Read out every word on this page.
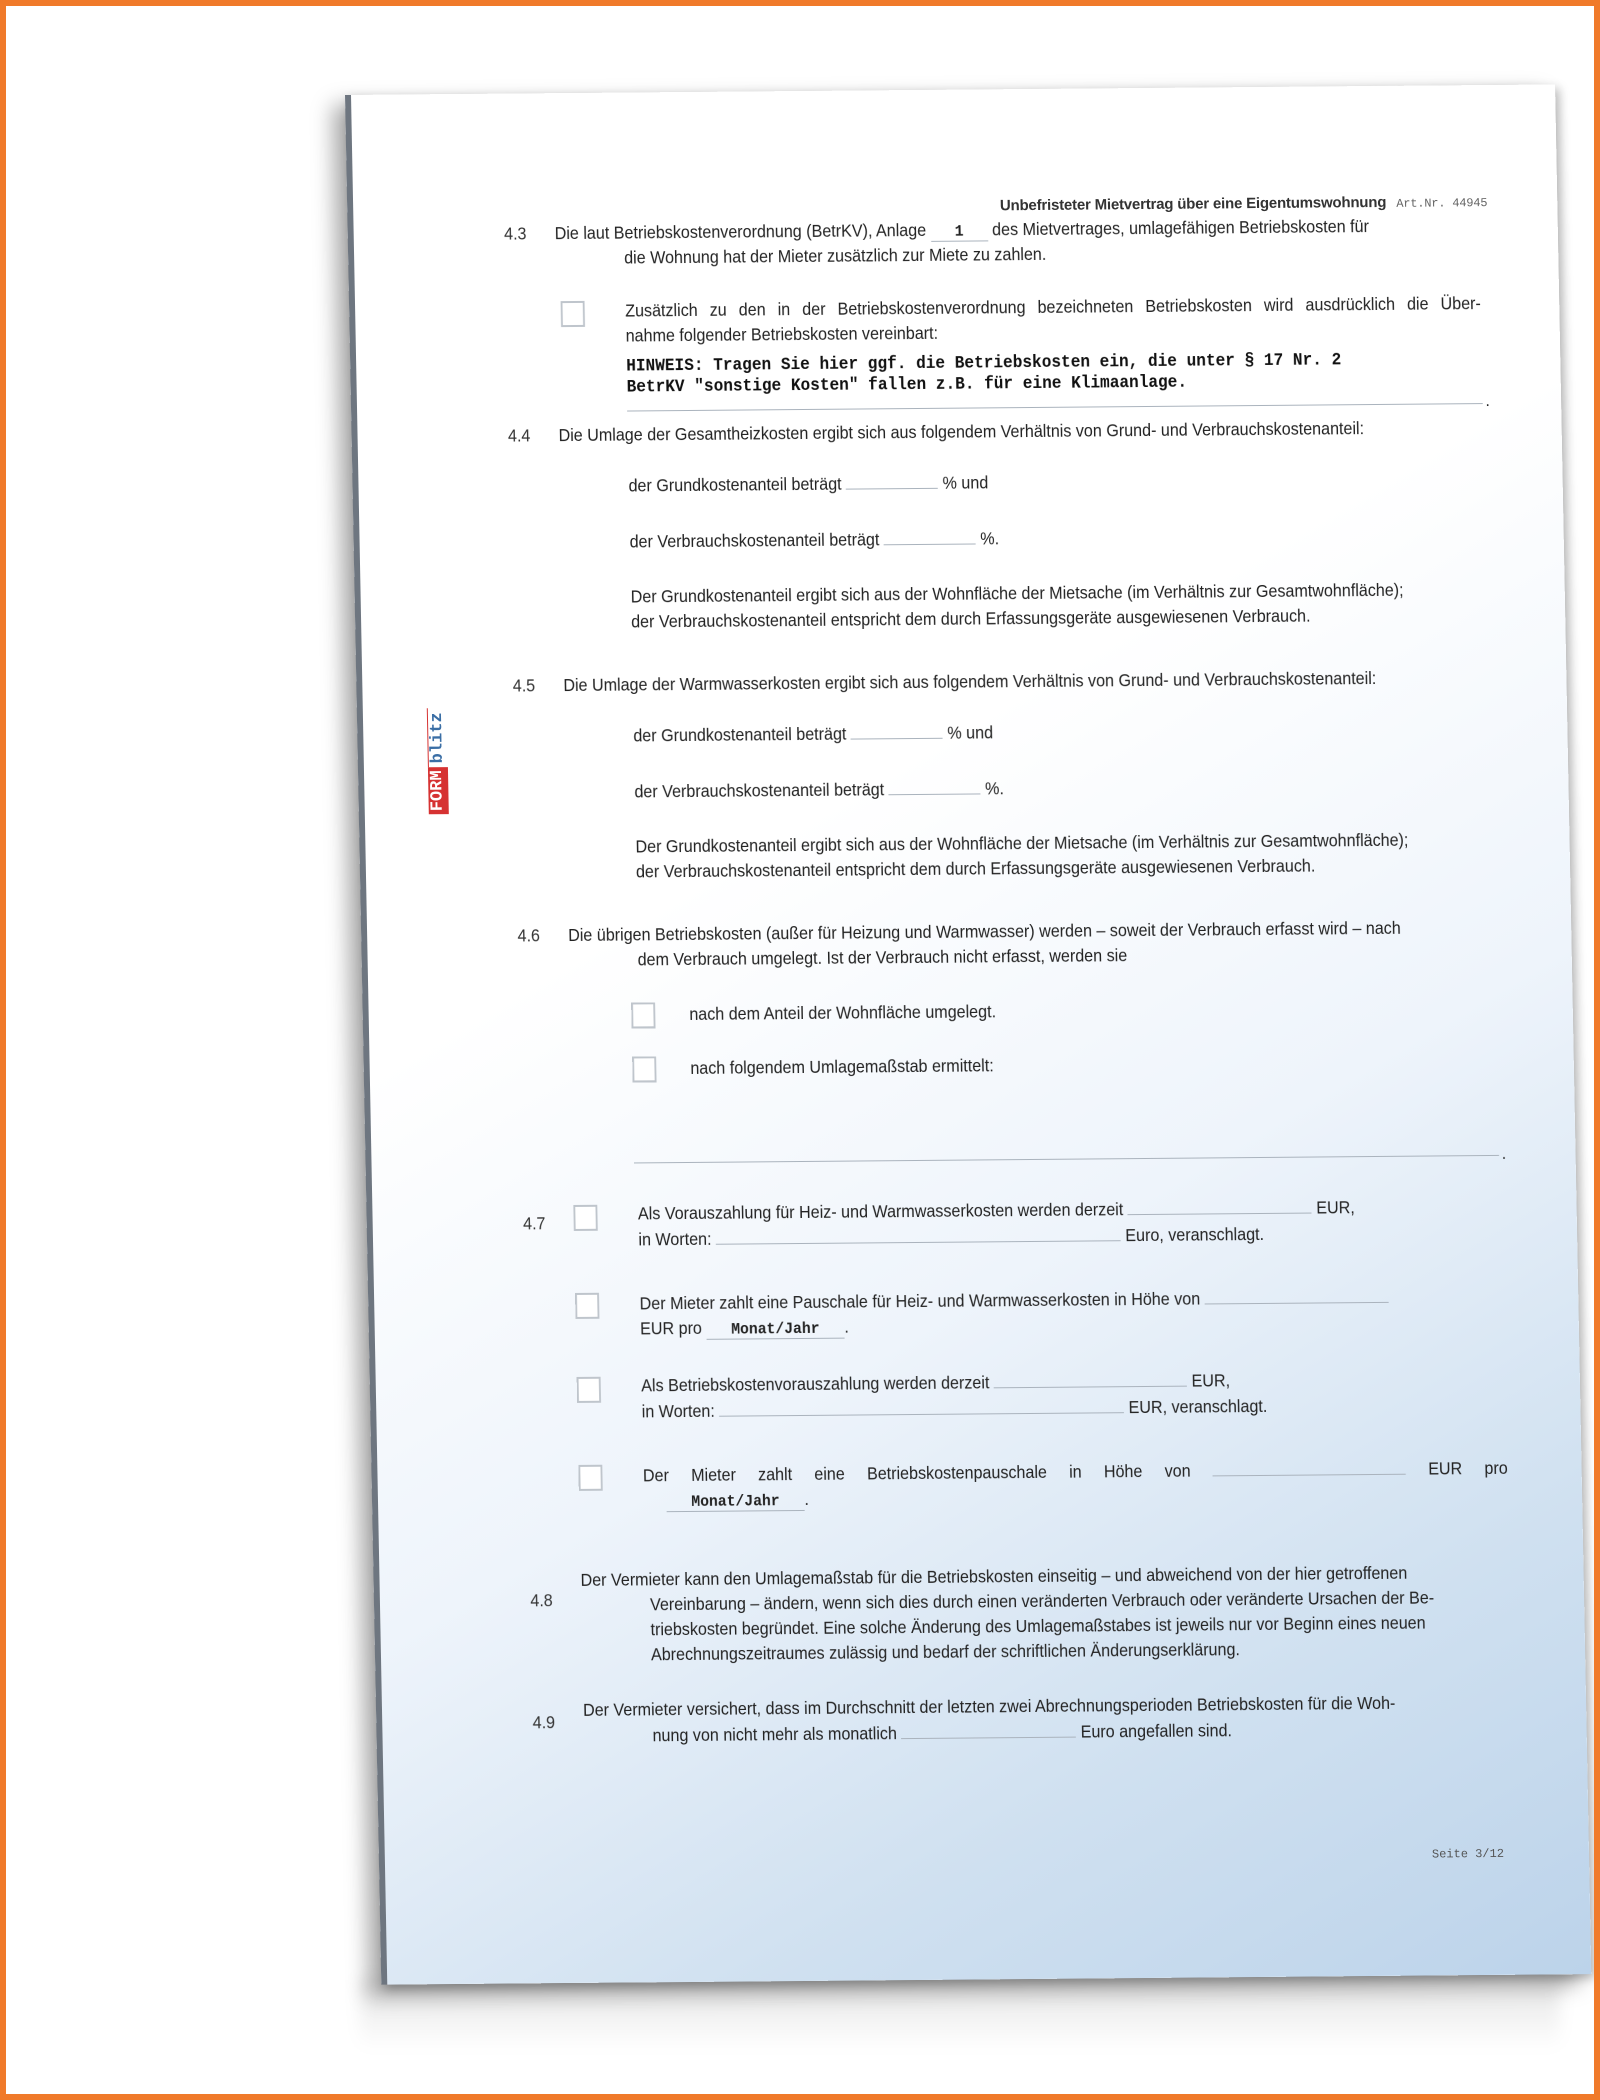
Unbefristeter Mietvertrag über eine Eigentumswohnung Art.Nr. 44945
FORM
blitz
4.3	Die laut Betriebskostenverordnung (BetrKV), Anlage 1 des Mietvertrages, umlagefähigen Betriebskosten für
die Wohnung hat der Mieter zusätzlich zur Miete zu zahlen.
Zusätzlich zu den in der Betriebskostenverordnung bezeichneten Betriebskosten wird ausdrücklich die Über-
nahme folgender Betriebskosten vereinbart:
HINWEIS: Tragen Sie hier ggf. die Betriebskosten ein, die unter § 17 Nr. 2
BetrKV "sonstige Kosten" fallen z.B. für eine Klimaanlage.
.
4.4	Die Umlage der Gesamtheizkosten ergibt sich aus folgendem Verhältnis von Grund- und Verbrauchskostenanteil:
der Grundkostenanteil beträgt	% und
der Verbrauchskostenanteil beträgt	%.
Der Grundkostenanteil ergibt sich aus der Wohnfläche der Mietsache (im Verhältnis zur Gesamtwohnfläche);
der Verbrauchskostenanteil entspricht dem durch Erfassungsgeräte ausgewiesenen Verbrauch.
4.5	Die Umlage der Warmwasserkosten ergibt sich aus folgendem Verhältnis von Grund- und Verbrauchskostenanteil:
der Grundkostenanteil beträgt	% und
der Verbrauchskostenanteil beträgt	%.
Der Grundkostenanteil ergibt sich aus der Wohnfläche der Mietsache (im Verhältnis zur Gesamtwohnfläche);
der Verbrauchskostenanteil entspricht dem durch Erfassungsgeräte ausgewiesenen Verbrauch.
4.6	Die übrigen Betriebskosten (außer für Heizung und Warmwasser) werden – soweit der Verbrauch erfasst wird – nach
dem Verbrauch umgelegt. Ist der Verbrauch nicht erfasst, werden sie
nach dem Anteil der Wohnfläche umgelegt.
nach folgendem Umlagemaßstab ermittelt:
.
4.7	Als Vorauszahlung für Heiz- und Warmwasserkosten werden derzeit	EUR,
in Worten:	Euro, veranschlagt.
Der Mieter zahlt eine Pauschale für Heiz- und Warmwasserkosten in Höhe von
EUR pro Monat/Jahr .
Als Betriebskostenvorauszahlung werden derzeit	EUR,
in Worten:	EUR, veranschlagt.
Der Mieter zahlt eine Betriebskostenpauschale in Höhe von	EUR pro
Monat/Jahr .
4.8
Der Vermieter kann den Umlagemaßstab für die Betriebskosten einseitig – und abweichend von der hier getroffenen
Vereinbarung – ändern, wenn sich dies durch einen veränderten Verbrauch oder veränderte Ursachen der Be-
triebskosten begründet. Eine solche Änderung des Umlagemaßstabes ist jeweils nur vor Beginn eines neuen
Abrechnungszeitraumes zulässig und bedarf der schriftlichen Änderungserklärung.
4.9
Der Vermieter versichert, dass im Durchschnitt der letzten zwei Abrechnungsperioden Betriebskosten für die Woh-
nung von nicht mehr als monatlich	Euro angefallen sind.
Seite 3/12
